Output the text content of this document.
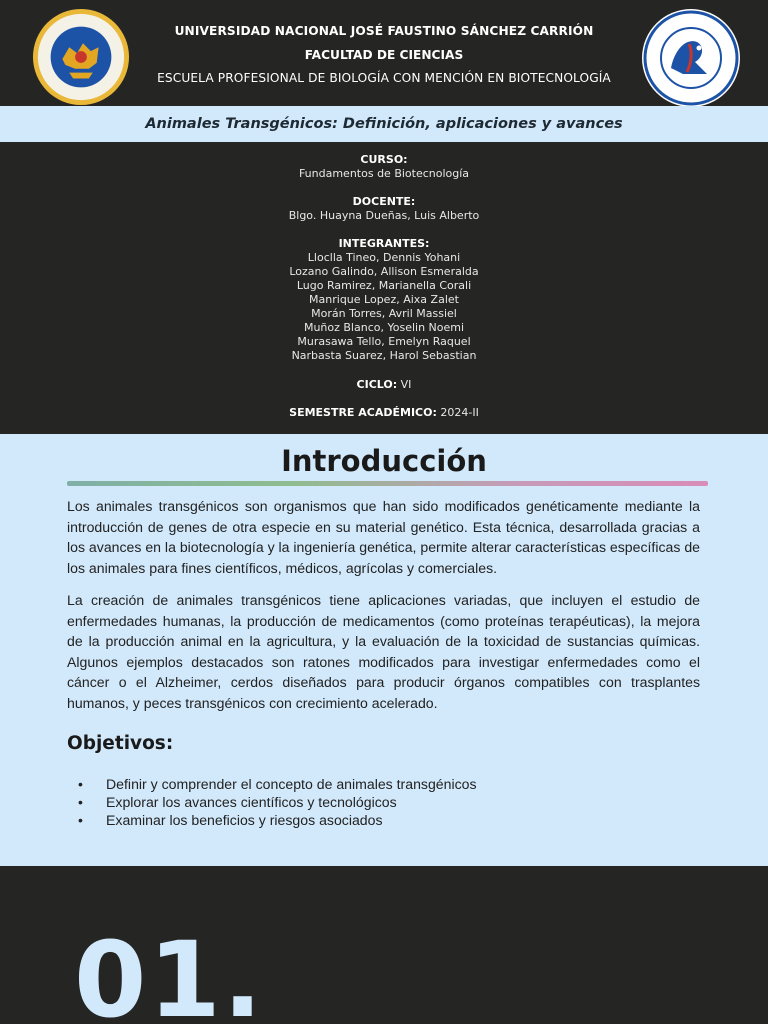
UNIVERSIDAD NACIONAL JOSÉ FAUSTINO SÁNCHEZ CARRIÓN
FACULTAD DE CIENCIAS
ESCUELA PROFESIONAL DE BIOLOGÍA CON MENCIÓN EN BIOTECNOLOGÍA
Animales Transgénicos: Definición, aplicaciones y avances
CURSO:
Fundamentos de Biotecnología
DOCENTE:
Blgo. Huayna Dueñas, Luis Alberto
INTEGRANTES:
Lloclla Tineo, Dennis Yohani
Lozano Galindo, Allison Esmeralda
Lugo Ramirez, Marianella Corali
Manrique Lopez, Aixa Zalet
Morán Torres, Avril Massiel
Muñoz Blanco, Yoselin Noemi
Murasawa Tello, Emelyn Raquel
Narbasta Suarez, Harol Sebastian
CICLO: VI
SEMESTRE ACADÉMICO: 2024-II
Introducción

Los animales transgénicos son organismos que han sido modificados genéticamente mediante la introducción de genes de otra especie en su material genético. Esta técnica, desarrollada gracias a los avances en la biotecnología y la ingeniería genética, permite alterar características específicas de los animales para fines científicos, médicos, agrícolas y comerciales.

La creación de animales transgénicos tiene aplicaciones variadas, que incluyen el estudio de enfermedades humanas, la producción de medicamentos (como proteínas terapéuticas), la mejora de la producción animal en la agricultura, y la evaluación de la toxicidad de sustancias químicas. Algunos ejemplos destacados son ratones modificados para investigar enfermedades como el cáncer o el Alzheimer, cerdos diseñados para producir órganos compatibles con trasplantes humanos, y peces transgénicos con crecimiento acelerado.

Objetivos:
• Definir y comprender el concepto de animales transgénicos
• Explorar los avances científicos y tecnológicos
• Examinar los beneficios y riesgos asociados
01.
